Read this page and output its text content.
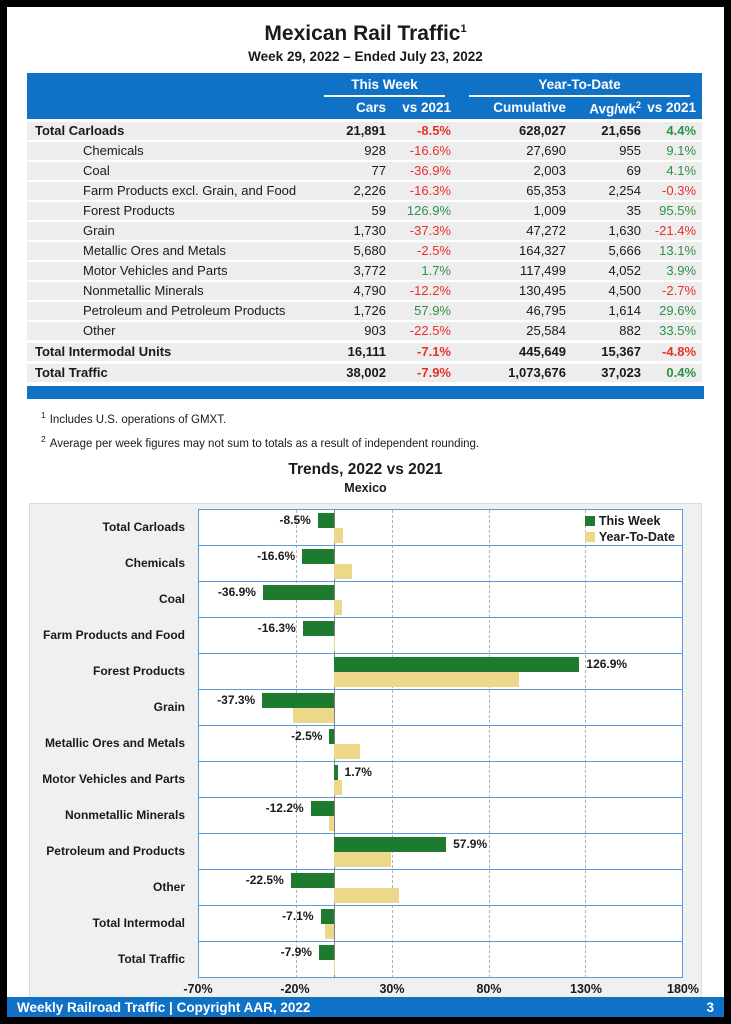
Mexican Rail Traffic$^1$
Week 29, 2022 – Ended July 23, 2022

	This Week		Year-To-Date		

	Cars	vs 2021	Cumulative	Avg/$wk^2$	vs 2021
Total Carloads	21,891	-8.5%	628,027	21,656	4.4%
Chemicals	928	-16.6%	27,690	955	9.1%
Coal	77	-36.9%	2,003	69	4.1%
Farm Products excl. Grain, and Food	2,226	-16.3%	65,353	2,254	-0.3%
Forest Products	59	126.9%	1,009	35	95.5%
Grain	1,730	-37.3%	47,272	1,630	-21.4%
Metallic Ores and Metals	5,680	-2.5%	164,327	5,666	13.1%
Motor Vehicles and Parts	3,772	1.7%	117,499	4,052	3.9%
Nonmetallic Minerals	4,790	-12.2%	130,495	4,500	-2.7%
Petroleum and Petroleum Products	1,726	57.9%	46,795	1,614	29.6%
Other	903	-22.5%	25,584	882	33.5%
Total Intermodal Units	16,111	-7.1%	445,649	15,367	-4.8%
Total Traffic	38,002	-7.9%	1,073,676	37,023	0.4%
$^1$ Includes U.S. operations of GMXT.
$^2$ Average per week figures may not sum to totals as a result of independent rounding.
Trends, 2022 vs 2021
Mexico
Total Carloads
Chemicals
Coal
Farm Products and Food
Forest Products
Grain
Metallic Ores and Metals
Motor Vehicles and Parts
Nonmetallic Minerals
Petroleum and Products
Other
Total Intermodal
Total Traffic
-8.5%	This Week
Year-To-Date
-16.6%
-36.9%
-16.3%
126.9%
-37.3%
-2.5%
1.7%
-12.2%
57.9%
-22.5%
-7.1%
-7.9%
-70%	-20%	30%	80%	130%	180%
Weekly Railroad Traffic | Copyright AAR, 2022	3
